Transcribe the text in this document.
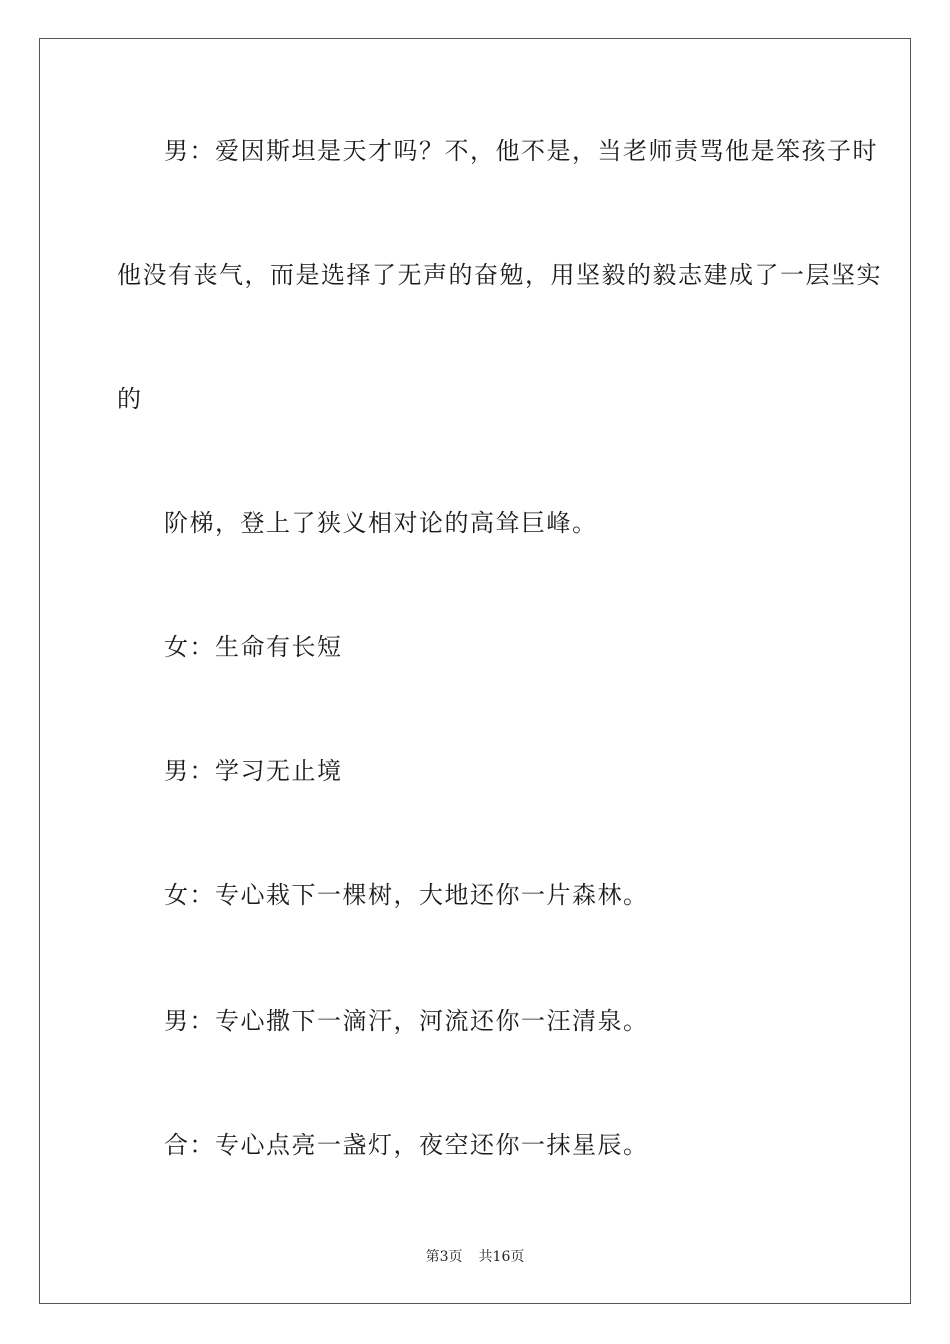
男：爱因斯坦是天才吗？不，他不是，当老师责骂他是笨孩子时
他没有丧气，而是选择了无声的奋勉，用坚毅的毅志建成了一层坚实
的
阶梯，登上了狭义相对论的高耸巨峰。
女：生命有长短
男：学习无止境
女：专心栽下一棵树，大地还你一片森林。
男：专心撒下一滴汗，河流还你一汪清泉。
合：专心点亮一盏灯，夜空还你一抹星辰。
第3页 共16页
